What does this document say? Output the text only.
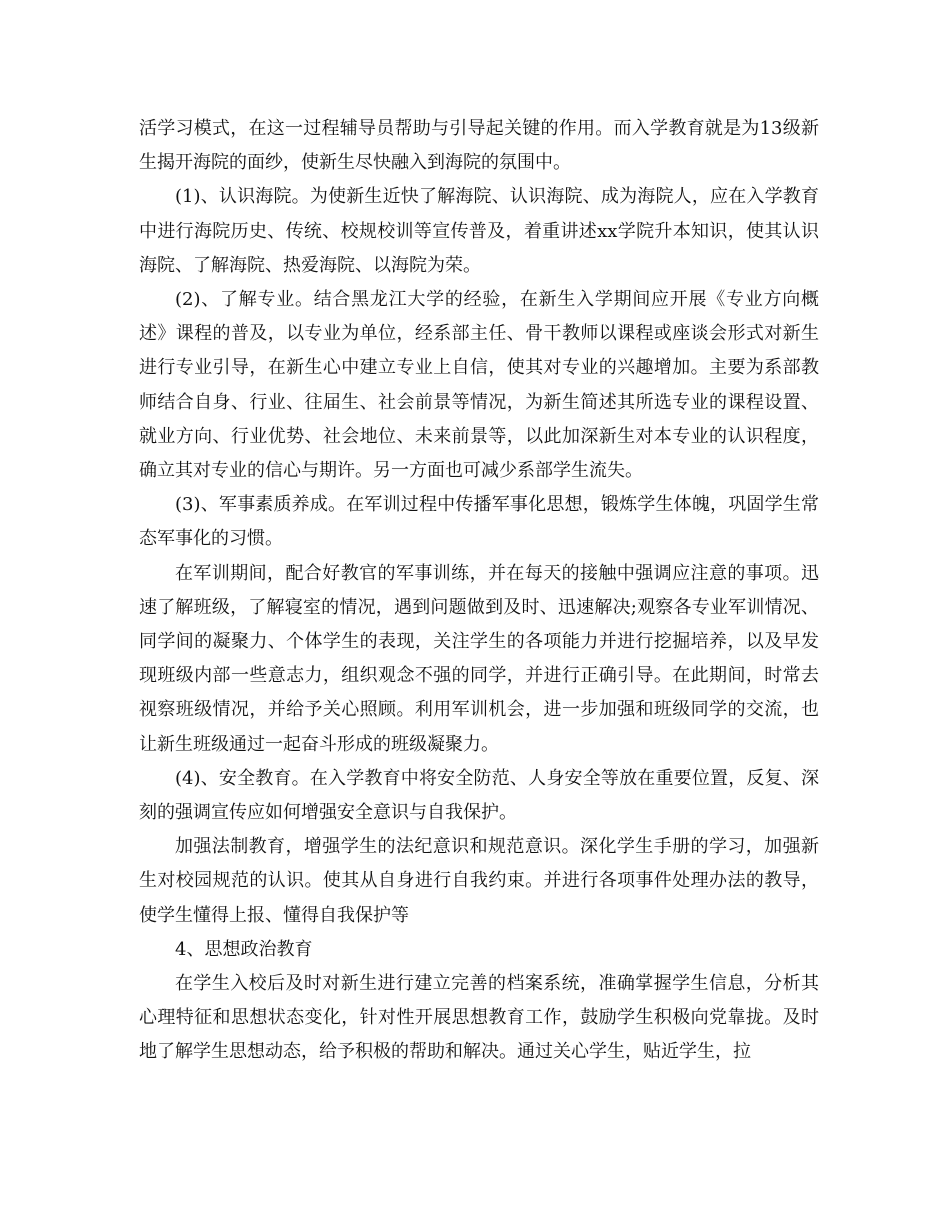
活学习模式，在这一过程辅导员帮助与引导起关键的作用。而入学教育就是为13级新生揭开海院的面纱，使新生尽快融入到海院的氛围中。

(1)、认识海院。为使新生近快了解海院、认识海院、成为海院人，应在入学教育中进行海院历史、传统、校规校训等宣传普及，着重讲述xx学院升本知识，使其认识海院、了解海院、热爱海院、以海院为荣。

(2)、了解专业。结合黑龙江大学的经验，在新生入学期间应开展《专业方向概述》课程的普及，以专业为单位，经系部主任、骨干教师以课程或座谈会形式对新生进行专业引导，在新生心中建立专业上自信，使其对专业的兴趣增加。主要为系部教师结合自身、行业、往届生、社会前景等情况，为新生简述其所选专业的课程设置、就业方向、行业优势、社会地位、未来前景等，以此加深新生对本专业的认识程度，确立其对专业的信心与期许。另一方面也可减少系部学生流失。

(3)、军事素质养成。在军训过程中传播军事化思想，锻炼学生体魄，巩固学生常态军事化的习惯。

在军训期间，配合好教官的军事训练，并在每天的接触中强调应注意的事项。迅速了解班级，了解寝室的情况，遇到问题做到及时、迅速解决;观察各专业军训情况、同学间的凝聚力、个体学生的表现，关注学生的各项能力并进行挖掘培养，以及早发现班级内部一些意志力，组织观念不强的同学，并进行正确引导。在此期间，时常去视察班级情况，并给予关心照顾。利用军训机会，进一步加强和班级同学的交流，也让新生班级通过一起奋斗形成的班级凝聚力。

(4)、安全教育。在入学教育中将安全防范、人身安全等放在重要位置，反复、深刻的强调宣传应如何增强安全意识与自我保护。

加强法制教育，增强学生的法纪意识和规范意识。深化学生手册的学习，加强新生对校园规范的认识。使其从自身进行自我约束。并进行各项事件处理办法的教导，使学生懂得上报、懂得自我保护等

4、思想政治教育

在学生入校后及时对新生进行建立完善的档案系统，准确掌握学生信息，分析其心理特征和思想状态变化，针对性开展思想教育工作，鼓励学生积极向党靠拢。及时地了解学生思想动态，给予积极的帮助和解决。通过关心学生，贴近学生，拉
